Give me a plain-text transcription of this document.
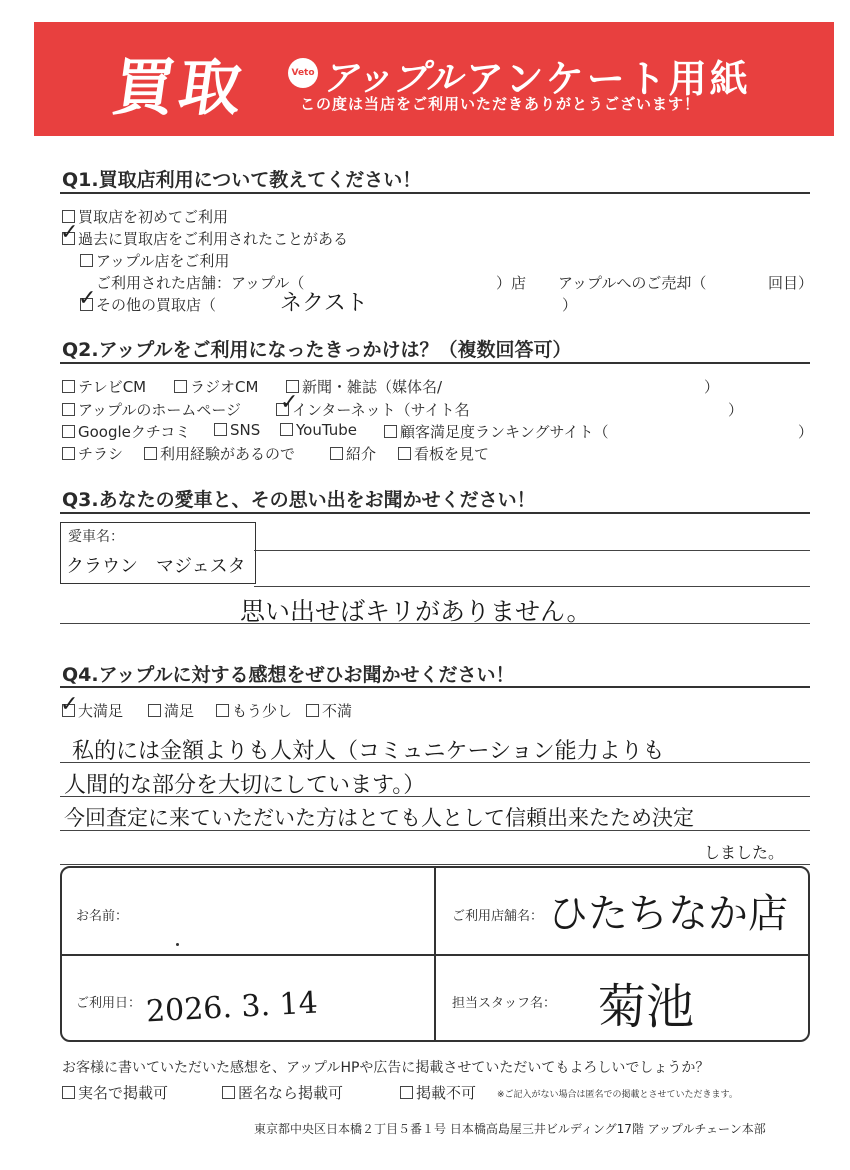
買取	Veto アップル アンケート用紙
この度は当店をご利用いただきありがとうございます！
Q1.買取店利用について教えてください！
買取店を初めてご利用
過去に買取店をご利用されたことがある
✓
アップル店をご利用
ご利用された店舗：アップル（	）店 アップルへのご売却（	回目）
その他の買取店（
✓	ネクスト	）
Q2.アップルをご利用になったきっかけは？（複数回答可）
テレビCM	ラジオCM	新聞・雑誌（媒体名/	）
アップルのホームページ	インターネット（サイト名
✓	）
Googleクチコミ	SNS	YouTube	顧客満足度ランキングサイト（	）
チラシ	利用経験があるので	紹介	看板を見て
Q3.あなたの愛車と、その思い出をお聞かせください！
愛車名：
クラウン　マジェスタ
思い出せばキリがありません。
Q4.アップルに対する感想をぜひお聞かせください！
大満足
✓	満足	もう少し	不満
私的には金額よりも人対人（コミュニケーション能力よりも
人間的な部分を大切にしています。）
今回査定に来ていただいた方はとても人として信頼出来たため決定
しました。
お名前：	ご利用店舗名： ひたちなか店
ご利用日： 2026. 3. 14	担当スタッフ名： 菊池
お客様に書いていただいた感想を、アップルHPや広告に掲載させていただいてもよろしいでしょうか？
実名で掲載可	匿名なら掲載可	掲載不可 ※ご記入がない場合は匿名での掲載とさせていただきます。
東京都中央区日本橋２丁目５番１号 日本橋高島屋三井ビルディング17階 アップルチェーン本部
